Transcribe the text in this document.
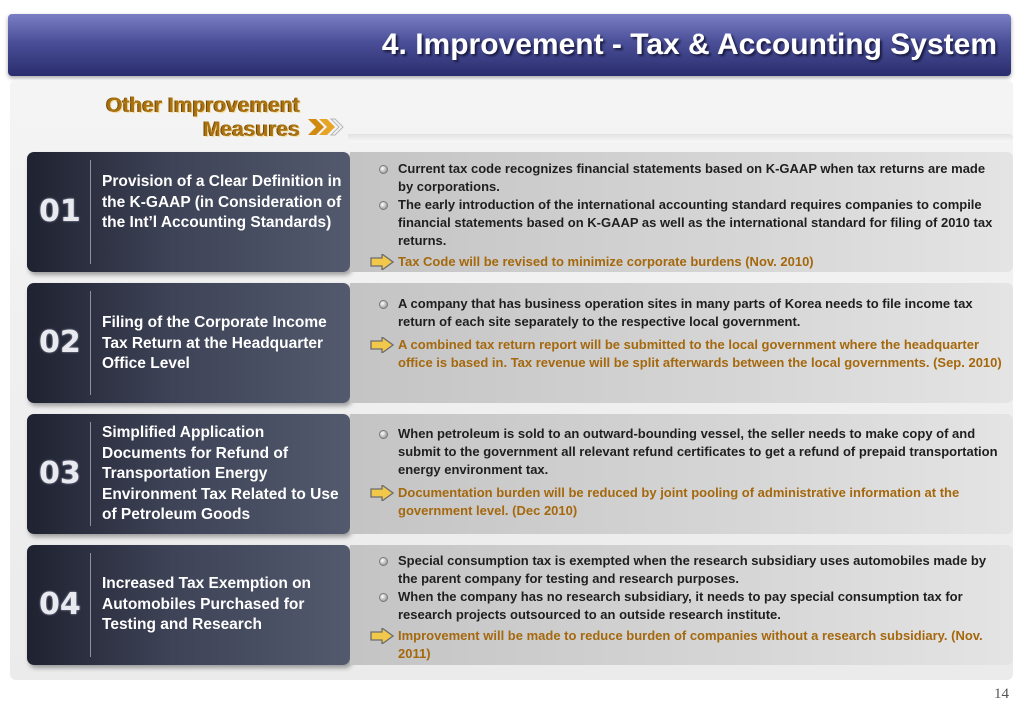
4. Improvement - Tax & Accounting System
Other Improvement
Measures
01
Provision of a Clear Definition in the K-GAAP (in Consideration of the Int’l Accounting Standards)
Current tax code recognizes financial statements based on K-GAAP when tax returns are made by corporations.
The early introduction of the international accounting standard requires companies to compile financial statements based on K-GAAP as well as the international standard for filing of 2010 tax returns.
Tax Code will be revised to minimize corporate burdens (Nov. 2010)
02
Filing of the Corporate Income Tax Return at the Headquarter Office Level
A company that has business operation sites in many parts of Korea needs to file income tax return of each site separately to the respective local government.
A combined tax return report will be submitted to the local government where the headquarter office is based in. Tax revenue will be split afterwards between the local governments. (Sep. 2010)
03
Simplified Application Documents for Refund of Transportation Energy Environment Tax Related to Use of Petroleum Goods
When petroleum is sold to an outward-bounding vessel, the seller needs to make copy of and submit to the government all relevant refund certificates to get a refund of prepaid transportation energy environment tax.
Documentation burden will be reduced by joint pooling of administrative information at the government level. (Dec 2010)
04
Increased Tax Exemption on Automobiles Purchased for Testing and Research
Special consumption tax is exempted when the research subsidiary uses automobiles made by the parent company for testing and research purposes.
When the company has no research subsidiary, it needs to pay special consumption tax for research projects outsourced to an outside research institute.
Improvement will be made to reduce burden of companies without a research subsidiary. (Nov. 2011)
14
